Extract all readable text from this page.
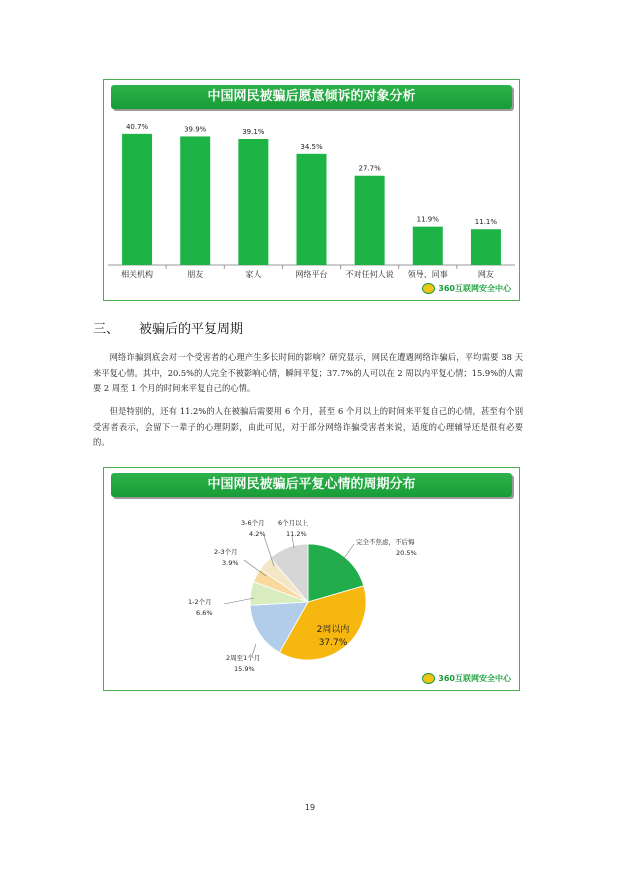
中国网民被骗后愿意倾诉的对象分析
40.7%
相关机构
39.9%
朋友
39.1%
家人
34.5%
网络平台
27.7%
不对任何人说
11.9%
领导、同事
11.1%
网友
360互联网安全中心
三、 被骗后的平复周期
网络诈骗到底会对一个受害者的心理产生多长时间的影响？研究显示，网民在遭遇网络诈骗后，平均需要 38 天来平复心情。其中，20.5%的人完全不被影响心情，瞬间平复；37.7%的人可以在 2 周以内平复心情；15.9%的人需要 2 周至 1 个月的时间来平复自己的心情。
但是特别的，还有 11.2%的人在被骗后需要用 6 个月，甚至 6 个月以上的时间来平复自己的心情，甚至有个别受害者表示，会留下一辈子的心理阴影，由此可见，对于部分网络诈骗受害者来说，适度的心理辅导还是很有必要的。
中国网民被骗后平复心情的周期分布
完全不焦虑，不后悔
20.5%
2周以内
37.7%
2周至1个月
15.9%
1-2个月
6.6%
2-3个月
3.9%
3-6个月
4.2%
6个月以上
11.2%
360互联网安全中心
19
